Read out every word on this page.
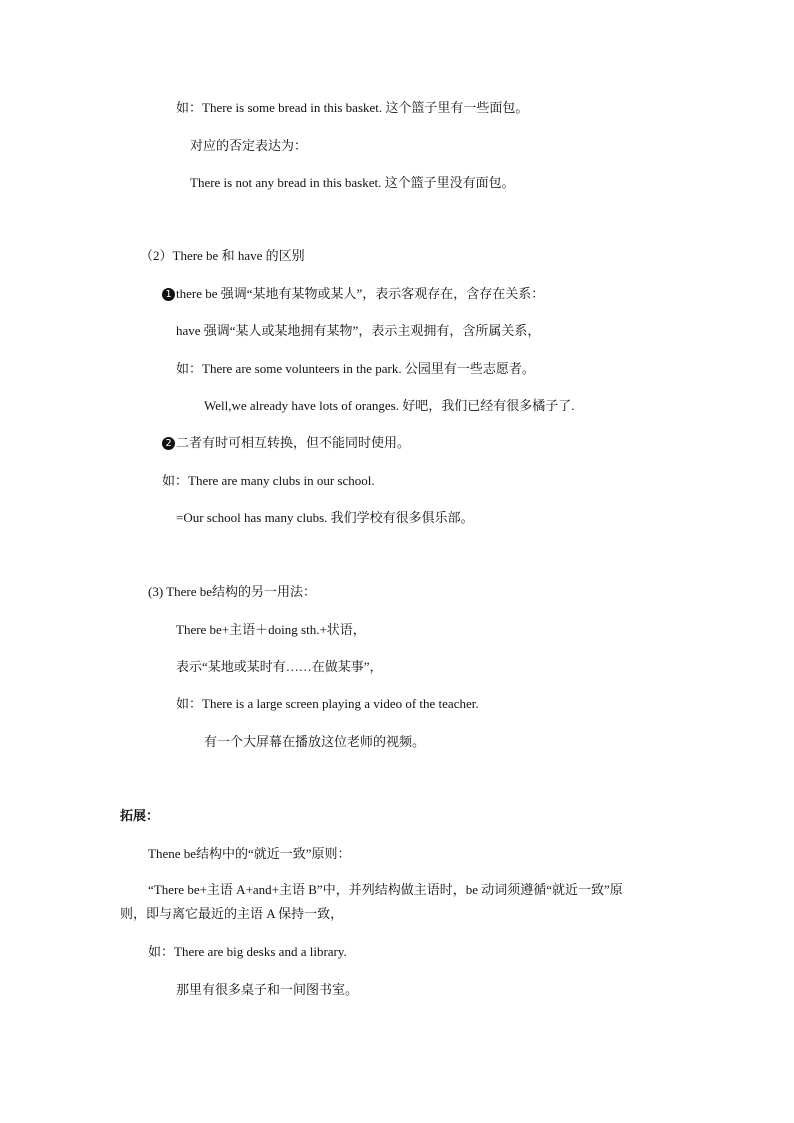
如：There is some bread in this basket. 这个篮子里有一些面包。
对应的否定表达为：
There is not any bread in this basket. 这个篮子里没有面包。
（2）There be 和 have 的区别
1 there be 强调“某地有某物或某人”，表示客观存在，含存在关系：
have 强调“某人或某地拥有某物”，表示主观拥有，含所属关系，
如：There are some volunteers in the park. 公园里有一些志愿者。
Well,we already have lots of oranges. 好吧，我们已经有很多橘子了.
2 二者有时可相互转换，但不能同时使用。
如：There are many clubs in our school.
=Our school has many clubs. 我们学校有很多俱乐部。
(3) There be结构的另一用法：
There be+主语＋doing sth.+状语，
表示“某地或某时有……在做某事”，
如：There is a large screen playing a video of the teacher.
有一个大屏幕在播放这位老师的视频。
拓展：
Thene be结构中的“就近一致”原则：
“There be+主语 A+and+主语 B”中，并列结构做主语时，be 动词须遵循“就近一致”原
则，即与离它最近的主语 A 保持一致，
如：There are big desks and a library.
那里有很多桌子和一间图书室。
